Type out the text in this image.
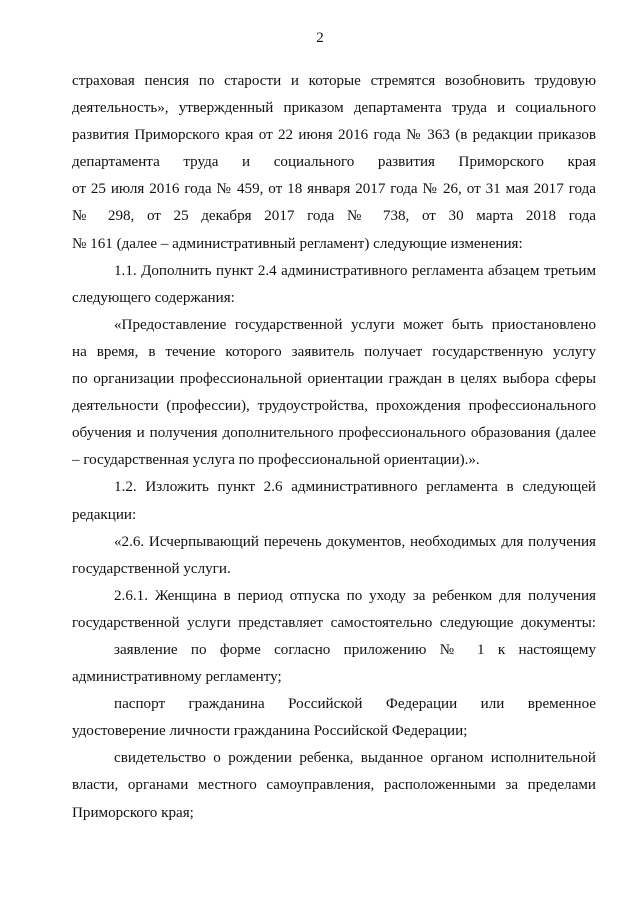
2
страховая пенсия по старости и которые стремятся возобновить трудовую
деятельность», утвержденный приказом департамента труда и социального
развития Приморского края от 22 июня 2016 года № 363 (в редакции приказов
департамента труда и социального развития Приморского края
от 25 июля 2016 года № 459, от 18 января 2017 года № 26, от 31 мая 2017 года
№ 298, от 25 декабря 2017 года № 738, от 30 марта 2018 года
№ 161 (далее – административный регламент) следующие изменения:
1.1. Дополнить пункт 2.4 административного регламента абзацем третьим
следующего содержания:
«Предоставление государственной услуги может быть приостановлено
на время, в течение которого заявитель получает государственную услугу
по организации профессиональной ориентации граждан в целях выбора сферы
деятельности (профессии), трудоустройства, прохождения профессионального
обучения и получения дополнительного профессионального образования (далее
– государственная услуга по профессиональной ориентации).».
1.2. Изложить пункт 2.6 административного регламента в следующей
редакции:
«2.6. Исчерпывающий перечень документов, необходимых для получения
государственной услуги.
2.6.1. Женщина в период отпуска по уходу за ребенком для получения
государственной услуги представляет самостоятельно следующие документы:
заявление по форме согласно приложению № 1 к настоящему
административному регламенту;
паспорт гражданина Российской Федерации или временное
удостоверение личности гражданина Российской Федерации;
свидетельство о рождении ребенка, выданное органом исполнительной
власти, органами местного самоуправления, расположенными за пределами
Приморского края;
